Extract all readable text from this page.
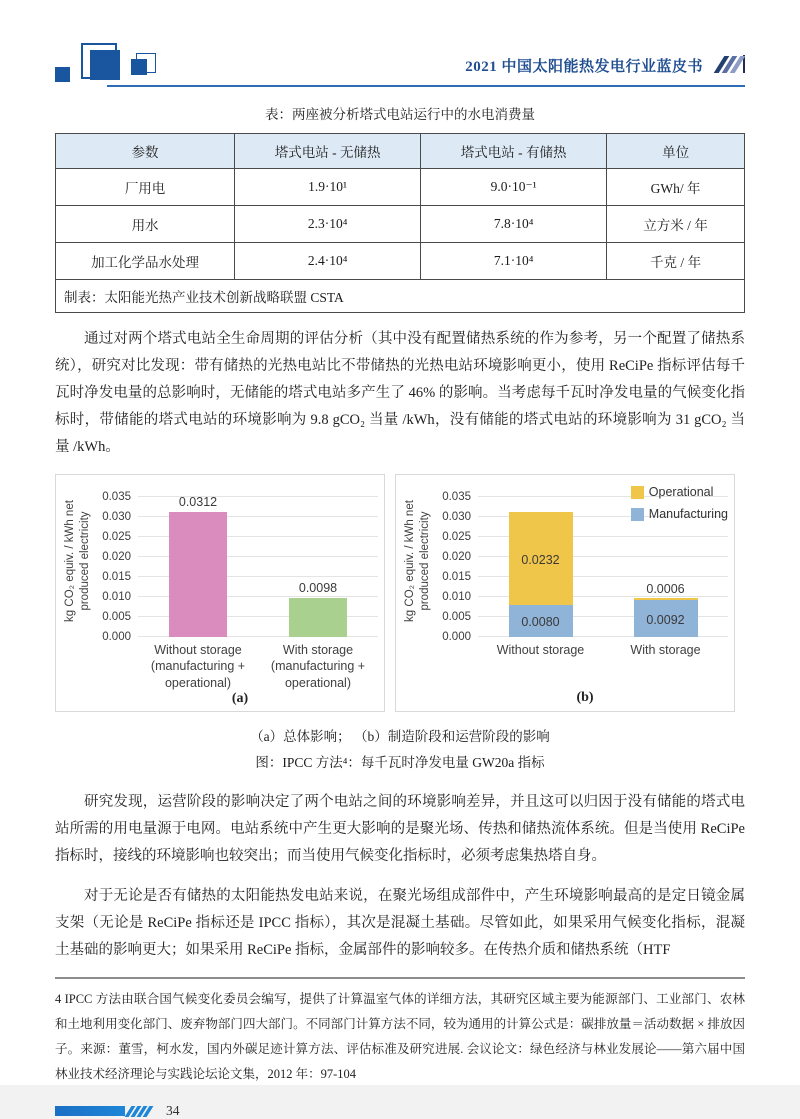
2021 中国太阳能热发电行业蓝皮书
表：两座被分析塔式电站运行中的水电消费量
参数	塔式电站 - 无储热	塔式电站 - 有储热	单位
厂用电	1.9·10¹	9.0·10⁻¹	GWh/ 年
用水	2.3·10⁴	7.8·10⁴	立方米 / 年
加工化学品水处理	2.4·10⁴	7.1·10⁴	千克 / 年
制表：太阳能光热产业技术创新战略联盟 CSTA			

通过对两个塔式电站全生命周期的评估分析（其中没有配置储热系统的作为参考，另一个配置了储热系统），研究对比发现：带有储热的光热电站比不带储热的光热电站环境影响更小，使用 ReCiPe 指标评估每千瓦时净发电量的总影响时，无储能的塔式电站多产生了 46% 的影响。当考虑每千瓦时净发电量的气候变化指标时，带储能的塔式电站的环境影响为 9.8 gCO₂ 当量 /kWh，没有储能的塔式电站的环境影响为 31 gCO₂ 当量 /kWh。

kg CO₂ equiv. / kWh net produced electricity
0.000
0.005
0.010
0.015
0.020
0.025
0.030
0.035	0.0312
0.0098
Without storage
(manufacturing +
operational)
With storage
(manufacturing +
operational)
(a)
kg CO₂ equiv. / kWh net produced electricity
0.000
0.005
0.010
0.015
0.020
0.025
0.030
0.035
0.0080
0.0232
0.0092
0.0006
Operational
Manufacturing
Without storage	With storage
(b)
（a）总体影响； （b）制造阶段和运营阶段的影响
图：IPCC 方法⁴：每千瓦时净发电量 GW20a 指标

研究发现，运营阶段的影响决定了两个电站之间的环境影响差异，并且这可以归因于没有储能的塔式电站所需的用电量源于电网。电站系统中产生更大影响的是聚光场、传热和储热流体系统。但是当使用 ReCiPe 指标时，接线的环境影响也较突出；而当使用气候变化指标时，必须考虑集热塔自身。

对于无论是否有储热的太阳能热发电站来说，在聚光场组成部件中，产生环境影响最高的是定日镜金属支架（无论是 ReCiPe 指标还是 IPCC 指标），其次是混凝土基础。尽管如此，如果采用气候变化指标，混凝土基础的影响更大；如果采用 ReCiPe 指标，金属部件的影响较多。在传热介质和储热系统（HTF

4 IPCC 方法由联合国气候变化委员会编写，提供了计算温室气体的详细方法，其研究区域主要为能源部门、工业部门、农林和土地利用变化部门、废弃物部门四大部门。不同部门计算方法不同，较为通用的计算公式是：碳排放量＝活动数据 × 排放因子。来源：董雪，柯水发，国内外碳足迹计算方法、评估标准及研究进展. 会议论文：绿色经济与林业发展论——第六届中国林业技术经济理论与实践论坛论文集，2012 年：97-104

34
